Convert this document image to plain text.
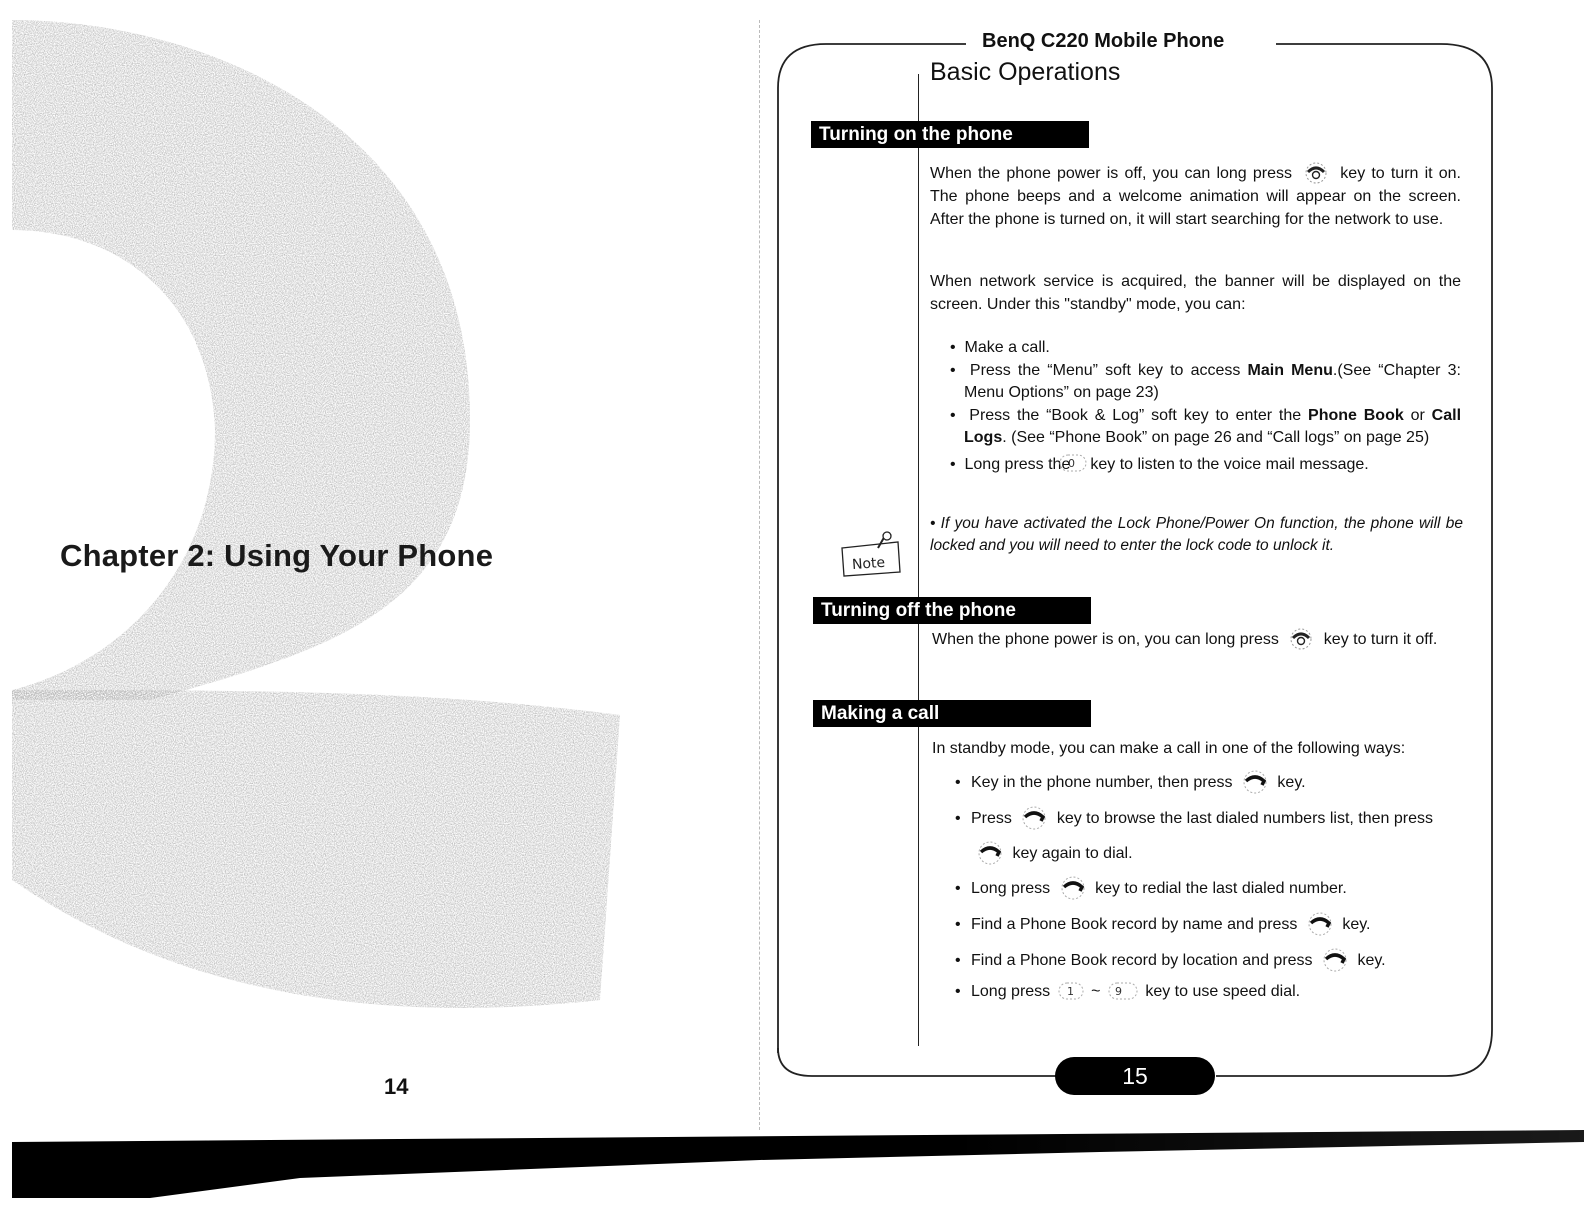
Chapter 2: Using Your Phone
14
BenQ C220 Mobile Phone
Basic Operations
Turning on the phone
When the phone power is off, you can long press	key to turn it on. The phone beeps and a welcome animation will appear on the screen. After the phone is turned on, it will start searching for the network to use.
When network service is acquired, the banner will be displayed on the screen. Under this "standby" mode, you can:
•  Make a call.
•  Press the “Menu” soft key to access Main Menu.(See “Chapter 3: Menu Options” on page 23)
•  Press the “Book & Log” soft key to enter the Phone Book or Call Logs. (See “Phone Book” on page 26 and “Call logs” on page 25)
•  Long press the
0 key to listen to the voice mail message.
Note
• If you have activated the Lock Phone/Power On function, the phone will be locked and you will need to enter the lock code to unlock it.
Turning off the phone
When the phone power is on, you can long press	key to turn it off.
Making a call
In standby mode, you can make a call in one of the following ways:
• Key in the phone number, then press	key.
• Press	key to browse the last dialed numbers list, then press
key again to dial.
• Long press	key to redial the last dialed number.
• Find a Phone Book record by name and press	key.
• Find a Phone Book record by location and press	key.
• Long press 1 ~ 9 key to use speed dial.
15
